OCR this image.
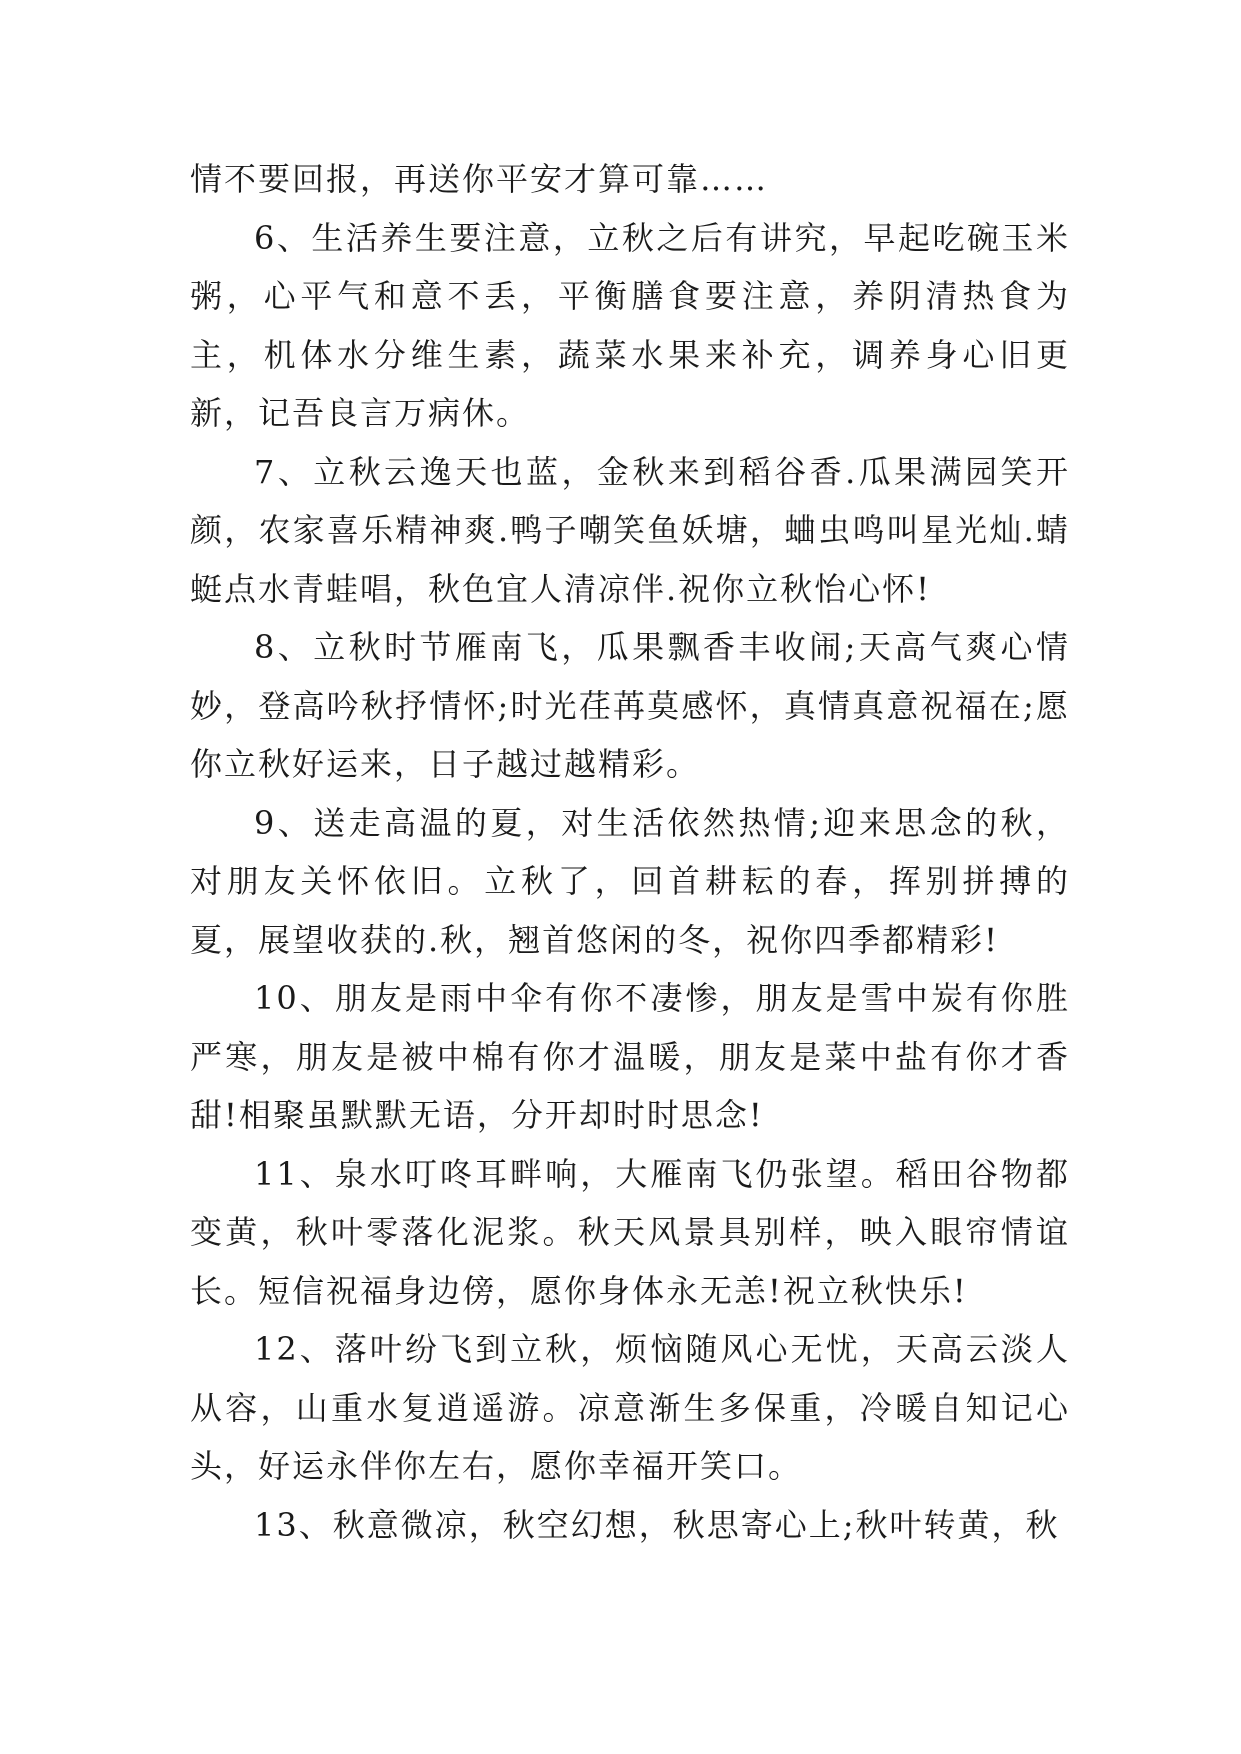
情不要回报，再送你平安才算可靠……

6、生活养生要注意，立秋之后有讲究，早起吃碗玉米粥，心平气和意不丢，平衡膳食要注意，养阴清热食为主，机体水分维生素，蔬菜水果来补充，调养身心旧更新，记吾良言万病休。

7、立秋云逸天也蓝，金秋来到稻谷香.瓜果满园笑开颜，农家喜乐精神爽.鸭子嘲笑鱼妖塘，蛐虫鸣叫星光灿.蜻蜓点水青蛙唱，秋色宜人清凉伴.祝你立秋怡心怀!

8、立秋时节雁南飞，瓜果飘香丰收闹;天高气爽心情妙，登高吟秋抒情怀;时光荏苒莫感怀，真情真意祝福在;愿你立秋好运来，日子越过越精彩。

9、送走高温的夏，对生活依然热情;迎来思念的秋，对朋友关怀依旧。立秋了，回首耕耘的春，挥别拼搏的夏，展望收获的.秋，翘首悠闲的冬，祝你四季都精彩!

10、朋友是雨中伞有你不凄惨，朋友是雪中炭有你胜严寒，朋友是被中棉有你才温暖，朋友是菜中盐有你才香甜!相聚虽默默无语，分开却时时思念!

11、泉水叮咚耳畔响，大雁南飞仍张望。稻田谷物都变黄，秋叶零落化泥浆。秋天风景具别样，映入眼帘情谊长。短信祝福身边傍，愿你身体永无恙!祝立秋快乐!

12、落叶纷飞到立秋，烦恼随风心无忧，天高云淡人从容，山重水复逍遥游。凉意渐生多保重，冷暖自知记心头，好运永伴你左右，愿你幸福开笑口。

13、秋意微凉，秋空幻想，秋思寄心上;秋叶转黄，秋
